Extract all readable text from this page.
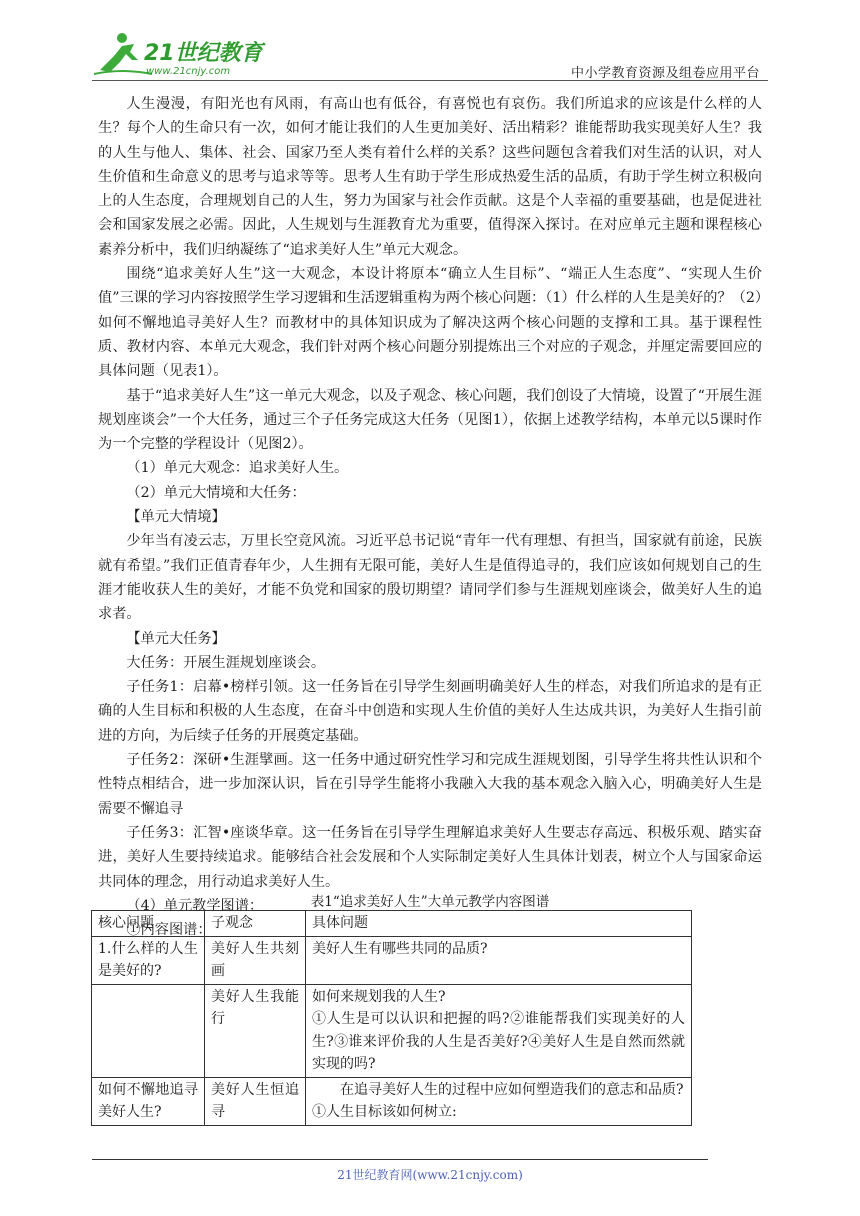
21世纪教育
www.21cnjy.com	中小学教育资源及组卷应用平台

人生漫漫，有阳光也有风雨，有高山也有低谷，有喜悦也有哀伤。我们所追求的应该是什么样的人生？每个人的生命只有一次，如何才能让我们的人生更加美好、活出精彩？谁能帮助我实现美好人生？我的人生与他人、集体、社会、国家乃至人类有着什么样的关系？这些问题包含着我们对生活的认识，对人生价值和生命意义的思考与追求等等。思考人生有助于学生形成热爱生活的品质，有助于学生树立积极向上的人生态度，合理规划自己的人生，努力为国家与社会作贡献。这是个人幸福的重要基础，也是促进社会和国家发展之必需。因此，人生规划与生涯教育尤为重要，值得深入探讨。在对应单元主题和课程核心素养分析中，我们归纳凝练了“追求美好人生”单元大观念。

围绕“追求美好人生”这一大观念，本设计将原本“确立人生目标”、“端正人生态度”、“实现人生价值”三课的学习内容按照学生学习逻辑和生活逻辑重构为两个核心问题：（1）什么样的人生是美好的？（2）如何不懈地追寻美好人生？而教材中的具体知识成为了解决这两个核心问题的支撑和工具。基于课程性质、教材内容、本单元大观念，我们针对两个核心问题分别提炼出三个对应的子观念，并厘定需要回应的具体问题（见表1）。

基于“追求美好人生”这一单元大观念，以及子观念、核心问题，我们创设了大情境，设置了“开展生涯规划座谈会”一个大任务，通过三个子任务完成这大任务（见图1），依据上述教学结构，本单元以5课时作为一个完整的学程设计（见图2）。

（1）单元大观念：追求美好人生。

（2）单元大情境和大任务：

【单元大情境】

少年当有凌云志，万里长空竞风流。习近平总书记说“青年一代有理想、有担当，国家就有前途，民族就有希望。”我们正值青春年少，人生拥有无限可能，美好人生是值得追寻的，我们应该如何规划自己的生涯才能收获人生的美好，才能不负党和国家的殷切期望？请同学们参与生涯规划座谈会，做美好人生的追求者。

【单元大任务】

大任务：开展生涯规划座谈会。

子任务1：启幕•榜样引领。这一任务旨在引导学生刻画明确美好人生的样态，对我们所追求的是有正确的人生目标和积极的人生态度，在奋斗中创造和实现人生价值的美好人生达成共识，为美好人生指引前进的方向，为后续子任务的开展奠定基础。

子任务2：深研•生涯擘画。这一任务中通过研究性学习和完成生涯规划图，引导学生将共性认识和个性特点相结合，进一步加深认识，旨在引导学生能将小我融入大我的基本观念入脑入心，明确美好人生是需要不懈追寻

子任务3：汇智•座谈华章。这一任务旨在引导学生理解追求美好人生要志存高远、积极乐观、踏实奋进，美好人生要持续追求。能够结合社会发展和个人实际制定美好人生具体计划表，树立个人与国家命运共同体的理念，用行动追求美好人生。

（4）单元教学图谱：

①内容图谱：

表1“追求美好人生”大单元教学内容图谱
核心问题	子观念	具体问题
1.什么样的人生是美好的?	美好人生共刻画	美好人生有哪些共同的品质?
	美好人生我能行	如何来规划我的人生?
①人生是可以认识和把握的吗?②谁能帮我们实现美好的人生?③谁来评价我的人生是否美好?④美好人生是自然而然就实现的吗?
如何不懈地追寻美好人生?	美好人生恒追寻	在追寻美好人生的过程中应如何塑造我们的意志和品质?
①人生目标该如何树立:
21世纪教育网(www.21cnjy.com)
